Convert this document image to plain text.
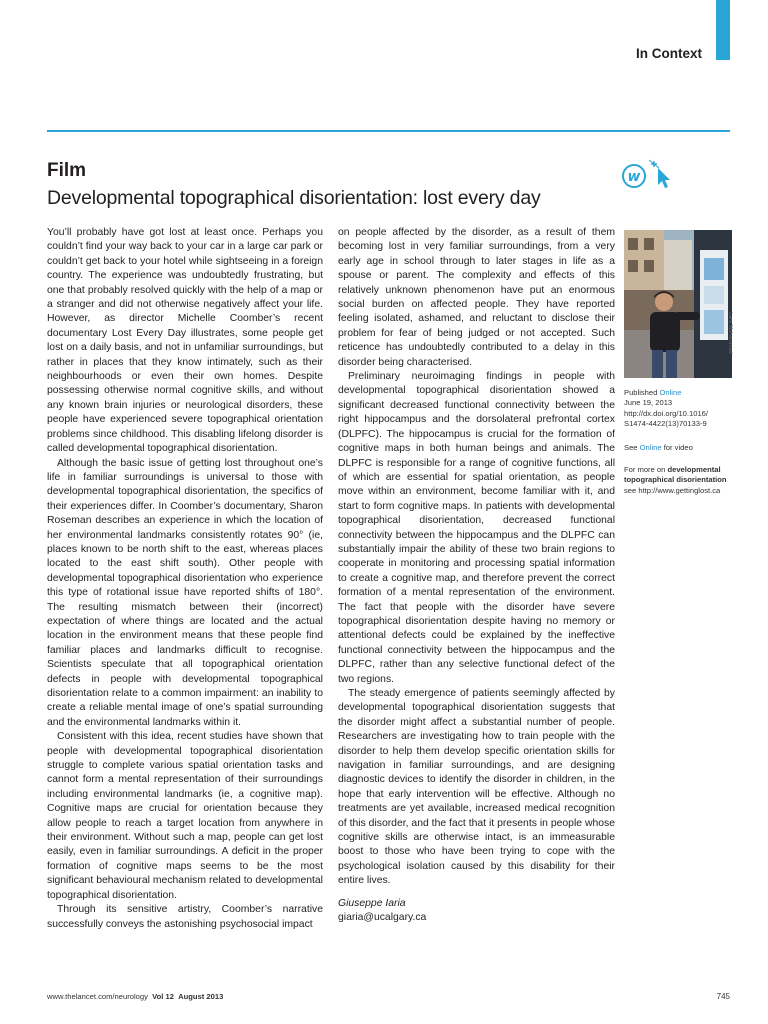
In Context
Film
Developmental topographical disorientation: lost every day
w

You’ll probably have got lost at least once. Perhaps you couldn’t find your way back to your car in a large car park or couldn’t get back to your hotel while sightseeing in a foreign country. The experience was undoubtedly frustrating, but one that probably resolved quickly with the help of a map or a stranger and did not otherwise negatively affect your life. However, as director Michelle Coomber’s recent documentary Lost Every Day illustrates, some people get lost on a daily basis, and not in unfamiliar surroundings, but rather in places that they know intimately, such as their neighbourhoods or even their own homes. Despite possessing otherwise normal cognitive skills, and without any known brain injuries or neurological disorders, these people have experienced severe topographical orientation problems since childhood. This disabling lifelong disorder is called developmental topographical disorientation.

Although the basic issue of getting lost throughout one’s life in familiar surroundings is universal to those with developmental topographical disorientation, the specifics of their experiences differ. In Coomber’s documentary, Sharon Roseman describes an experience in which the location of her environmental landmarks consistently rotates 90° (ie, places known to be north shift to the east, whereas places located to the east shift south). Other people with developmental topographical disorientation who experience this type of rotational issue have reported shifts of 180°. The resulting mismatch between their (incorrect) expectation of where things are located and the actual location in the environment means that these people find familiar places and landmarks difficult to recognise. Scientists speculate that all topographical orientation defects in people with developmental topographical disorientation relate to a common impairment: an inability to create a reliable mental image of one’s spatial surrounding and the environmental landmarks within it.

Consistent with this idea, recent studies have shown that people with developmental topographical disorientation struggle to complete various spatial orientation tasks and cannot form a mental representation of their surroundings including environmental landmarks (ie, a cognitive map). Cognitive maps are crucial for orientation because they allow people to reach a target location from anywhere in their environment. Without such a map, people can get lost easily, even in familiar surroundings. A deficit in the proper formation of cognitive maps seems to be the most significant behavioural mechanism related to developmental topographical disorientation.

Through its sensitive artistry, Coomber’s narrative successfully conveys the astonishing psychosocial impact

on people affected by the disorder, as a result of them becoming lost in very familiar surroundings, from a very early age in school through to later stages in life as a spouse or parent. The complexity and effects of this relatively unknown phenomenon have put an enormous social burden on affected people. They have reported feeling isolated, ashamed, and reluctant to disclose their problem for fear of being judged or not accepted. Such reticence has undoubtedly contributed to a delay in this disorder being characterised.

Preliminary neuroimaging findings in people with developmental topographical disorientation showed a significant decreased functional connectivity between the right hippocampus and the dorsolateral prefrontal cortex (DLPFC). The hippocampus is crucial for the formation of cognitive maps in both human beings and animals. The DLPFC is responsible for a range of cognitive functions, all of which are essential for spatial orientation, as people move within an environment, become familiar with it, and start to form cognitive maps. In patients with developmental topographical disorientation, decreased functional connectivity between the hippocampus and the DLPFC can substantially impair the ability of these two brain regions to cooperate in monitoring and processing spatial information to create a cognitive map, and therefore prevent the correct formation of a mental representation of the environment. The fact that people with the disorder have severe topographical disorientation despite having no memory or attentional defects could be explained by the ineffective functional connectivity between the hippocampus and the DLPFC, rather than any selective functional defect of the two regions.

The steady emergence of patients seemingly affected by developmental topographical disorientation suggests that the disorder might affect a substantial number of people. Researchers are investigating how to train people with the disorder to help them develop specific orientation skills for navigation in familiar surroundings, and are designing diagnostic devices to identify the disorder in children, in the hope that early intervention will be effective. Although no treatments are yet available, increased medical recognition of this disorder, and the fact that it presents in people whose cognitive skills are otherwise intact, is an immeasurable boost to those who have been trying to cope with the psychological isolation caused by this disability for their entire lives.

Giuseppe Iaria

giaria@ucalgary.ca

Lara Mohammad
Published Online
June 19, 2013
http://dx.doi.org/10.1016/
S1474-4422(13)70133-9
See Online for video
For more on developmental topographical disorientation
see http://www.gettinglost.ca
www.thelancet.com/neurology Vol 12 August 2013	745
